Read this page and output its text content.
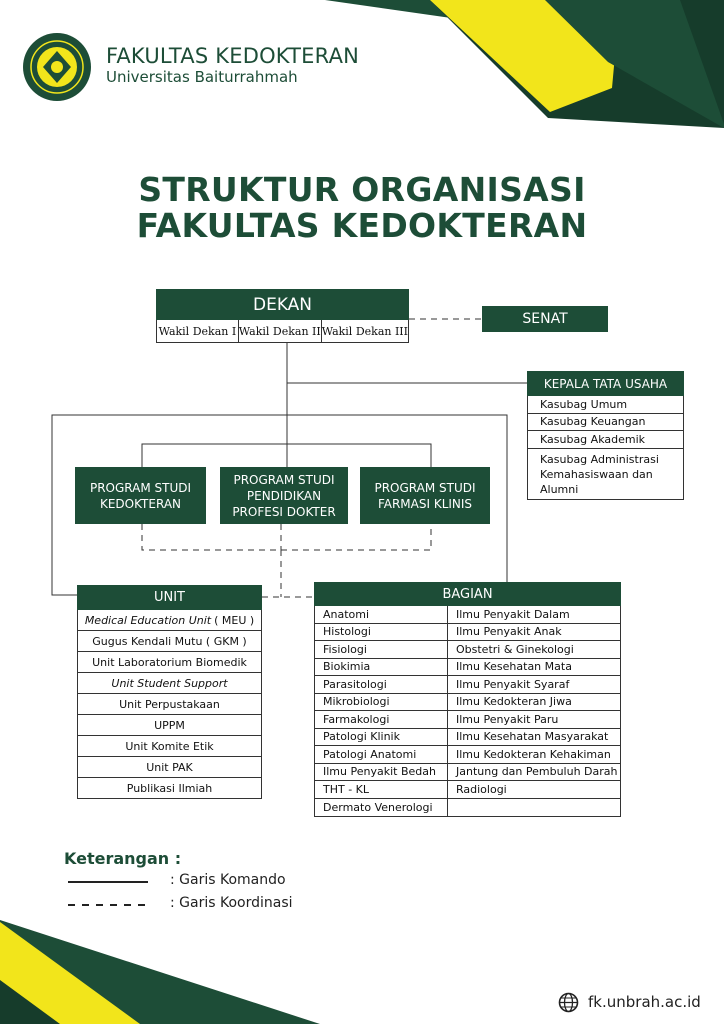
FAKULTAS KEDOKTERAN
Universitas Baiturrahmah
STRUKTUR ORGANISASI
FAKULTAS KEDOKTERAN
DEKAN
Wakil Dekan I Wakil Dekan II Wakil Dekan III
SENAT
KEPALA TATA USAHA
Kasubag Umum
Kasubag Keuangan
Kasubag Akademik
Kasubag Administrasi
Kemahasiswaan dan
Alumni
PROGRAM STUDI
KEDOKTERAN
PROGRAM STUDI
PENDIDIKAN
PROFESI DOKTER
PROGRAM STUDI
FARMASI KLINIS
UNIT
Medical Education Unit ( MEU )
Gugus Kendali Mutu ( GKM )
Unit Laboratorium Biomedik
Unit Student Support
Unit Perpustakaan
UPPM
Unit Komite Etik
Unit PAK
Publikasi Ilmiah
BAGIAN
Anatomi	Ilmu Penyakit Dalam
Histologi	Ilmu Penyakit Anak
Fisiologi	Obstetri & Ginekologi
Biokimia	Ilmu Kesehatan Mata
Parasitologi	Ilmu Penyakit Syaraf
Mikrobiologi	Ilmu Kedokteran Jiwa
Farmakologi	Ilmu Penyakit Paru
Patologi Klinik	Ilmu Kesehatan Masyarakat
Patologi Anatomi	Ilmu Kedokteran Kehakiman
Ilmu Penyakit Bedah	Jantung dan Pembuluh Darah
THT - KL	Radiologi
Dermato Venerologi
Keterangan :
: Garis Komando
: Garis Koordinasi
fk.unbrah.ac.id
